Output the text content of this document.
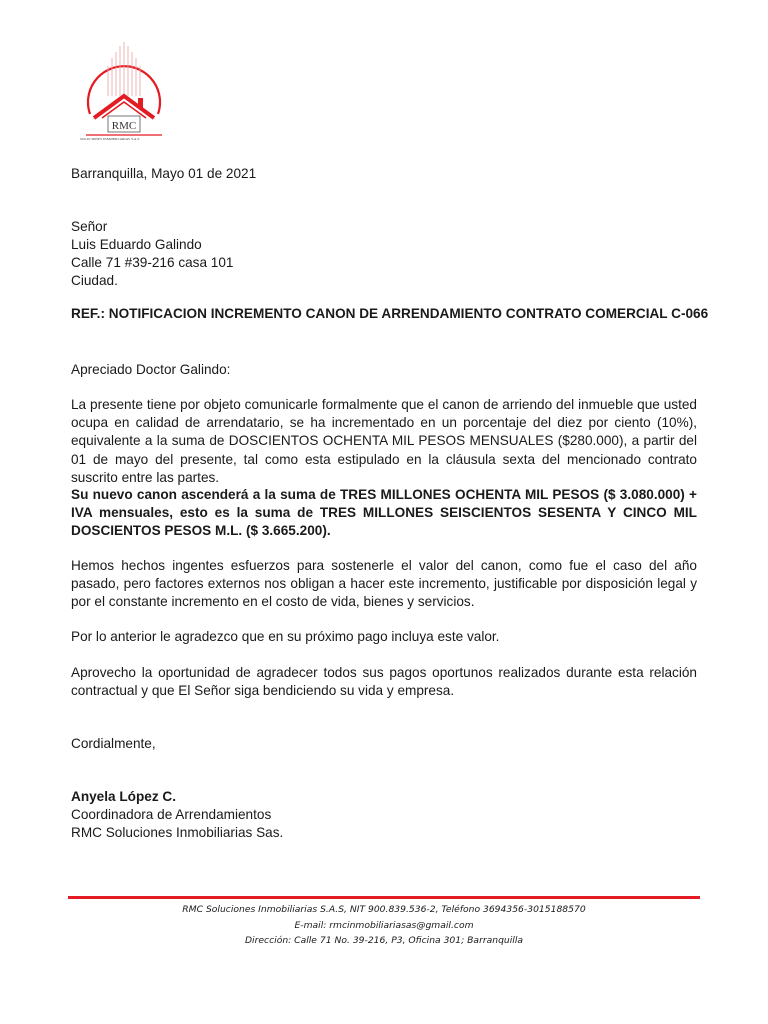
RMC
SOLUCIONES INMOBILIARIAS S.A.S
Barranquilla, Mayo 01 de 2021
Señor
Luis Eduardo Galindo
Calle 71 #39-216 casa 101
Ciudad.
REF.: NOTIFICACION INCREMENTO CANON DE ARRENDAMIENTO CONTRATO COMERCIAL C-066
Apreciado Doctor Galindo:

La presente tiene por objeto comunicarle formalmente que el canon de arriendo del inmueble que usted ocupa en calidad de arrendatario, se ha incrementado en un porcentaje del diez por ciento (10%), equivalente a la suma de DOSCIENTOS OCHENTA MIL PESOS MENSUALES ($280.000), a partir del 01 de mayo del presente, tal como esta estipulado en la cláusula sexta del mencionado contrato suscrito entre las partes.

Su nuevo canon ascenderá a la suma de TRES MILLONES OCHENTA MIL PESOS ($ 3.080.000) + IVA mensuales, esto es la suma de TRES MILLONES SEISCIENTOS SESENTA Y CINCO MIL DOSCIENTOS PESOS M.L. ($ 3.665.200).

Hemos hechos ingentes esfuerzos para sostenerle el valor del canon, como fue el caso del año pasado, pero factores externos nos obligan a hacer este incremento, justificable por disposición legal y por el constante incremento en el costo de vida, bienes y servicios.

Por lo anterior le agradezco que en su próximo pago incluya este valor.

Aprovecho la oportunidad de agradecer todos sus pagos oportunos realizados durante esta relación contractual y que El Señor siga bendiciendo su vida y empresa.

Cordialmente,
Anyela López C.
Coordinadora de Arrendamientos
RMC Soluciones Inmobiliarias Sas.
RMC Soluciones Inmobiliarias S.A.S, NIT 900.839.536-2, Teléfono 3694356-3015188570
E-mail: rmcinmobiliariasas@gmail.com
Dirección: Calle 71 No. 39-216, P3, Oficina 301; Barranquilla
